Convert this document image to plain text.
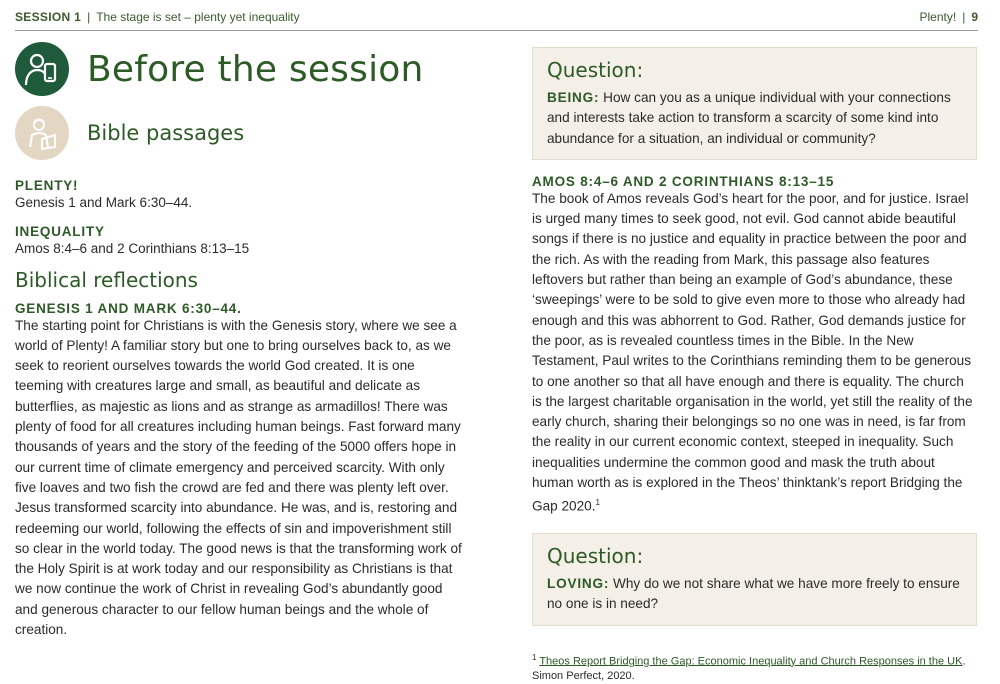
SESSION 1 | The stage is set – plenty yet inequality	Plenty! | 9
Before the session
Bible passages
PLENTY!
Genesis 1 and Mark 6:30–44.
INEQUALITY
Amos 8:4–6 and 2 Corinthians 8:13–15
Biblical reflections
GENESIS 1 AND MARK 6:30–44.
The starting point for Christians is with the Genesis story, where we see a world of Plenty! A familiar story but one to bring ourselves back to, as we seek to reorient ourselves towards the world God created. It is one teeming with creatures large and small, as beautiful and delicate as butterflies, as majestic as lions and as strange as armadillos! There was plenty of food for all creatures including human beings. Fast forward many thousands of years and the story of the feeding of the 5000 offers hope in our current time of climate emergency and perceived scarcity. With only five loaves and two fish the crowd are fed and there was plenty left over. Jesus transformed scarcity into abundance. He was, and is, restoring and redeeming our world, following the effects of sin and impoverishment still so clear in the world today. The good news is that the transforming work of the Holy Spirit is at work today and our responsibility as Christians is that we now continue the work of Christ in revealing God’s abundantly good and generous character to our fellow human beings and the whole of creation.
Question:
BEING: How can you as a unique individual with your connections and interests take action to transform a scarcity of some kind into abundance for a situation, an individual or community?
AMOS 8:4–6 AND 2 CORINTHIANS 8:13–15
The book of Amos reveals God’s heart for the poor, and for justice. Israel is urged many times to seek good, not evil. God cannot abide beautiful songs if there is no justice and equality in practice between the poor and the rich. As with the reading from Mark, this passage also features leftovers but rather than being an example of God’s abundance, these ‘sweepings’ were to be sold to give even more to those who already had enough and this was abhorrent to God. Rather, God demands justice for the poor, as is revealed countless times in the Bible. In the New Testament, Paul writes to the Corinthians reminding them to be generous to one another so that all have enough and there is equality. The church is the largest charitable organisation in the world, yet still the reality of the early church, sharing their belongings so no one was in need, is far from the reality in our current economic context, steeped in inequality. Such inequalities undermine the common good and mask the truth about human worth as is explored in the Theos’ thinktank’s report Bridging the Gap 2020.$^1$
Question:
LOVING: Why do we not share what we have more freely to ensure no one is in need?
$^1$ Theos Report Bridging the Gap: Economic Inequality and Church Responses in the UK. Simon Perfect, 2020.
